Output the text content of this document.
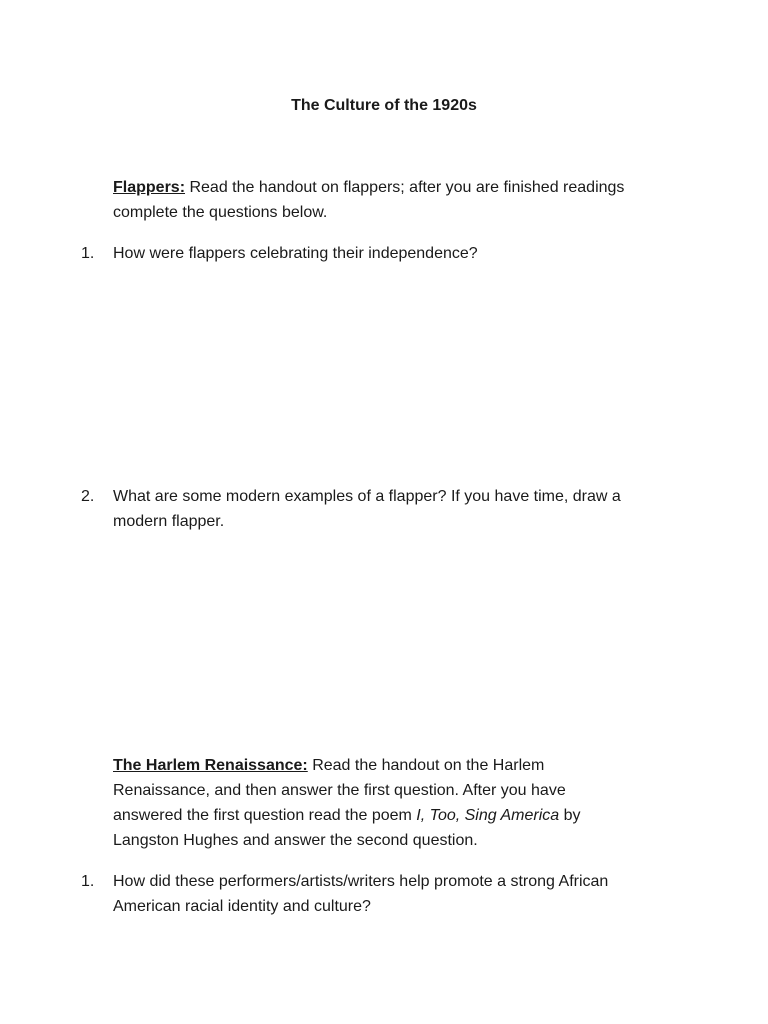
The Culture of the 1920s
Flappers: Read the handout on flappers; after you are finished readings complete the questions below.
1.	How were flappers celebrating their independence?
2.	What are some modern examples of a flapper? If you have time, draw a modern flapper.
The Harlem Renaissance: Read the handout on the Harlem Renaissance, and then answer the first question. After you have answered the first question read the poem I, Too, Sing America by Langston Hughes and answer the second question.
1.	How did these performers/artists/writers help promote a strong African American racial identity and culture?
